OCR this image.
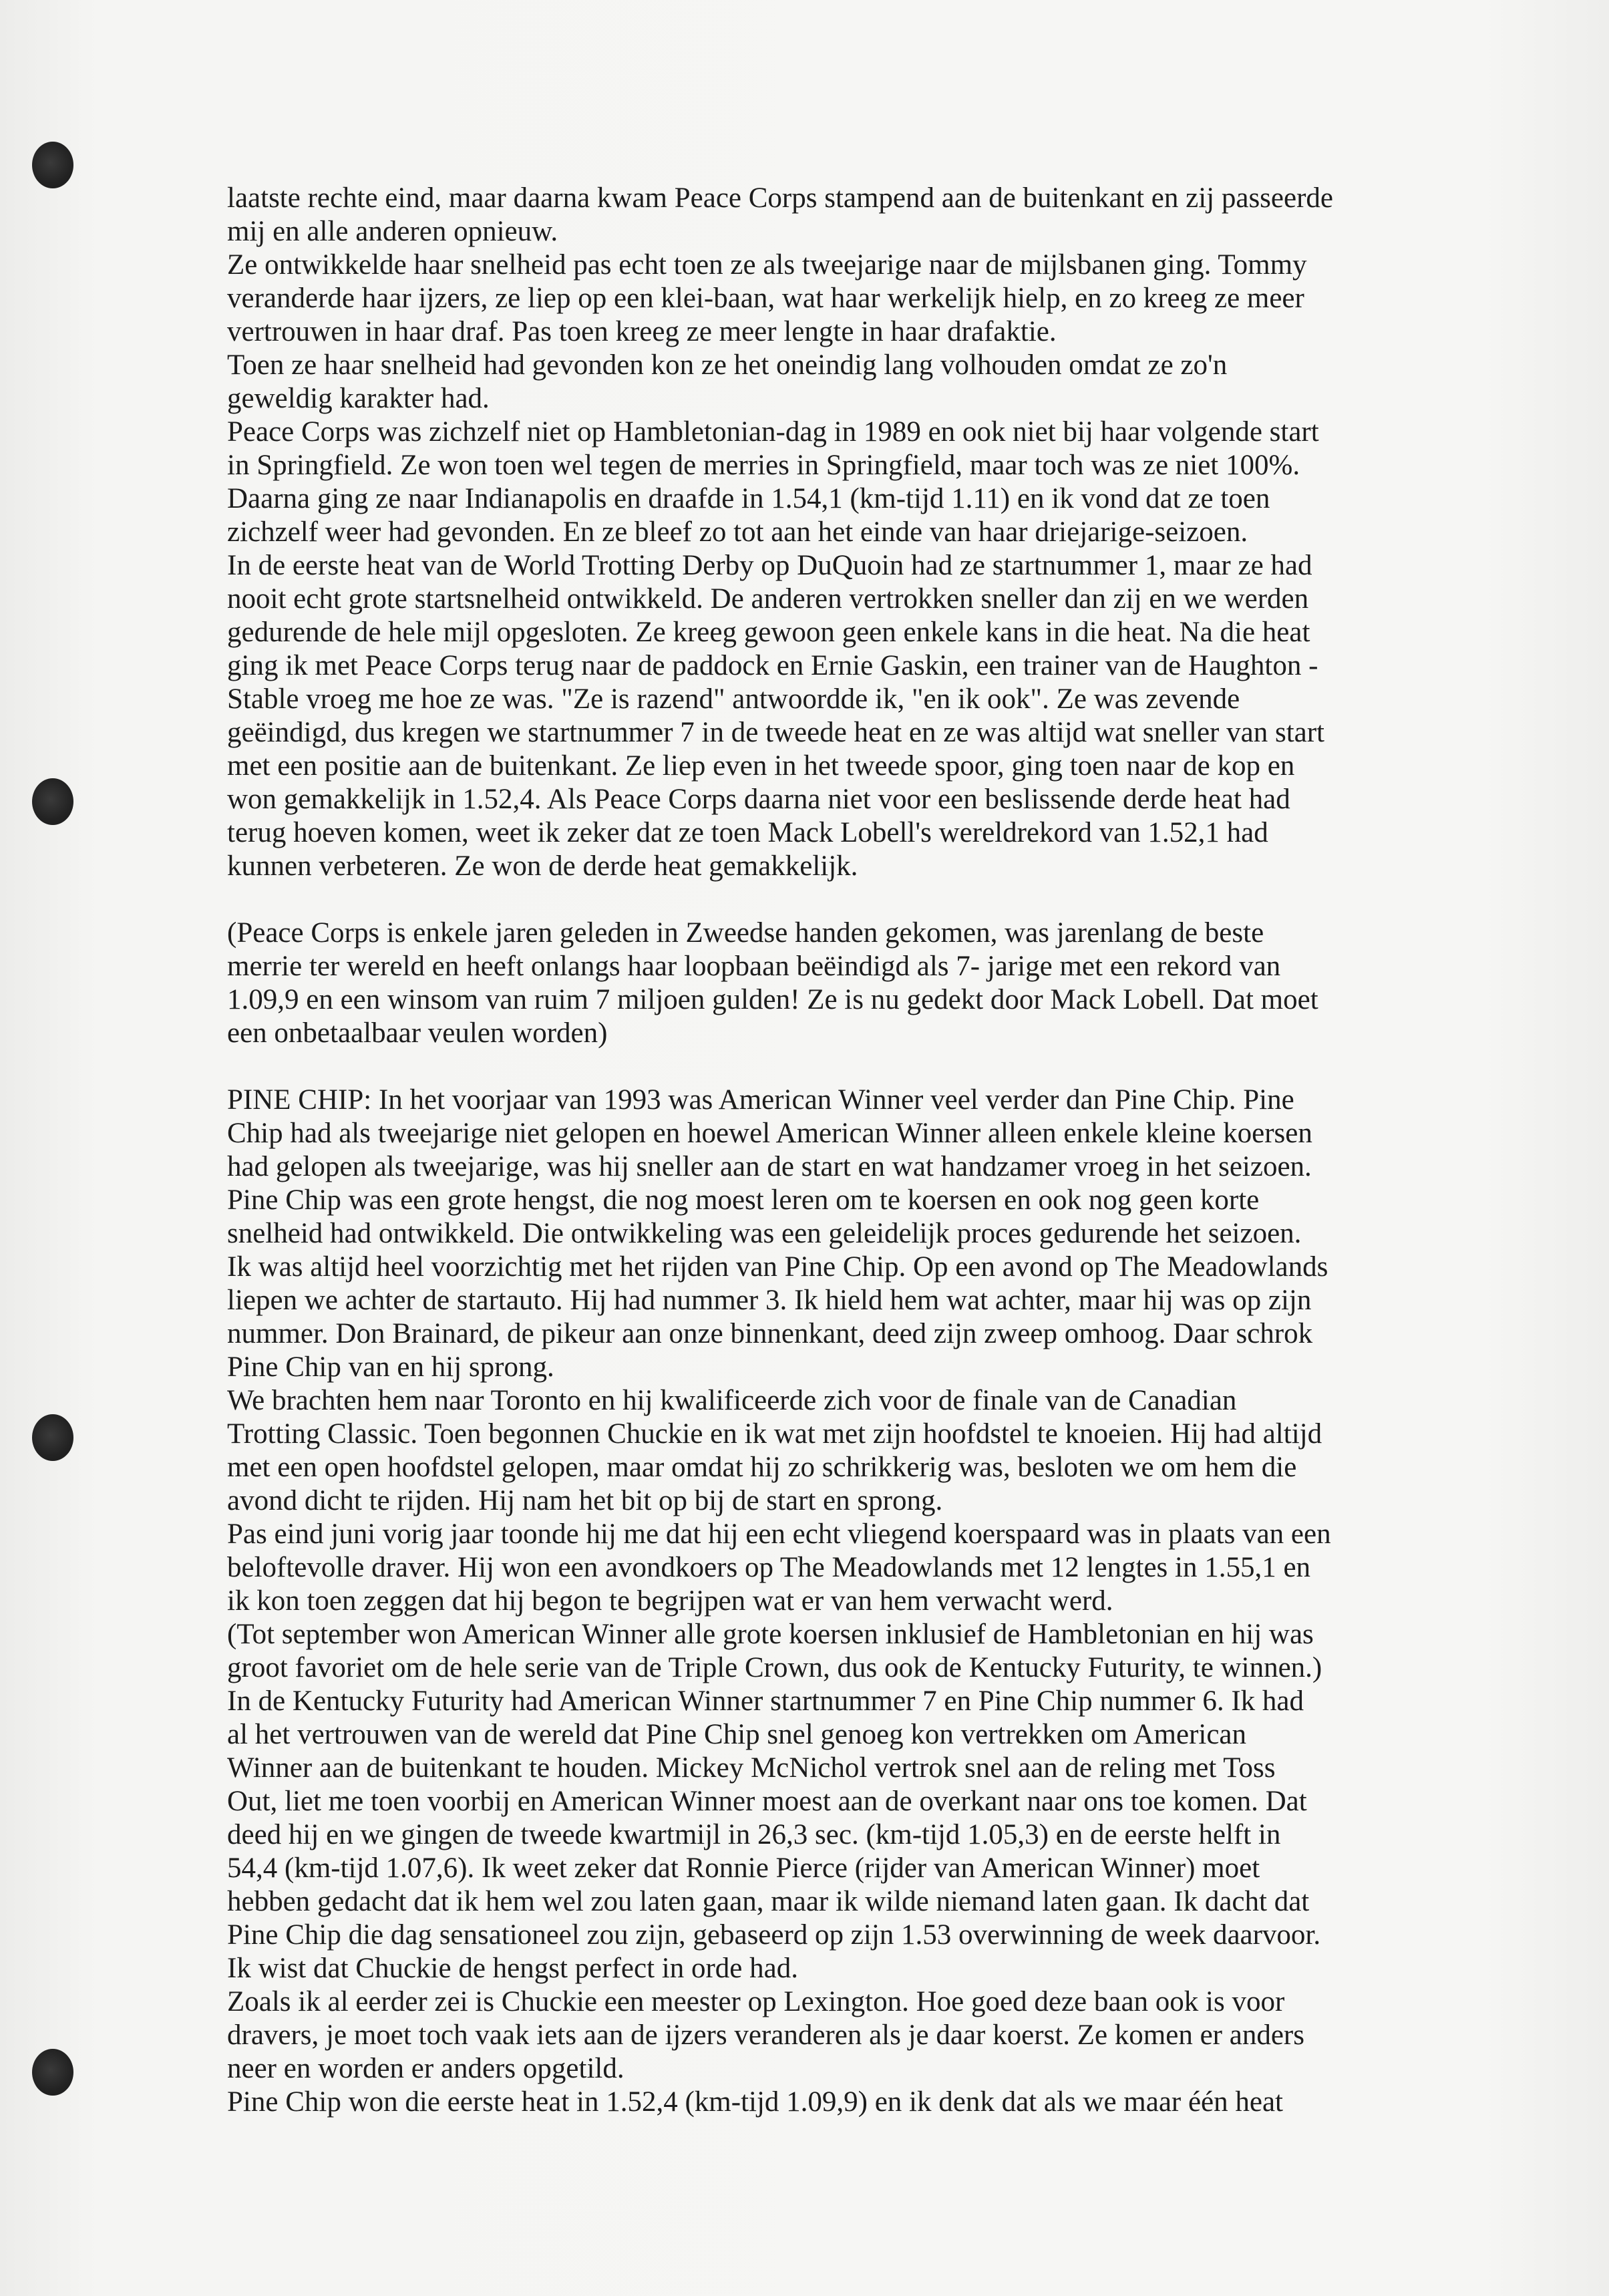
laatste rechte eind, maar daarna kwam Peace Corps stampend aan de buitenkant en zij passeerde
mij en alle anderen opnieuw.
Ze ontwikkelde haar snelheid pas echt toen ze als tweejarige naar de mijlsbanen ging. Tommy
veranderde haar ijzers, ze liep op een klei-baan, wat haar werkelijk hielp, en zo kreeg ze meer
vertrouwen in haar draf. Pas toen kreeg ze meer lengte in haar drafaktie.
Toen ze haar snelheid had gevonden kon ze het oneindig lang volhouden omdat ze zo'n
geweldig karakter had.
Peace Corps was zichzelf niet op Hambletonian-dag in 1989 en ook niet bij haar volgende start
in Springfield. Ze won toen wel tegen de merries in Springfield, maar toch was ze niet 100%.
Daarna ging ze naar Indianapolis en draafde in 1.54,1 (km-tijd 1.11) en ik vond dat ze toen
zichzelf weer had gevonden. En ze bleef zo tot aan het einde van haar driejarige-seizoen.
In de eerste heat van de World Trotting Derby op DuQuoin had ze startnummer 1, maar ze had
nooit echt grote startsnelheid ontwikkeld. De anderen vertrokken sneller dan zij en we werden
gedurende de hele mijl opgesloten. Ze kreeg gewoon geen enkele kans in die heat. Na die heat
ging ik met Peace Corps terug naar de paddock en Ernie Gaskin, een trainer van de Haughton -
Stable vroeg me hoe ze was. "Ze is razend" antwoordde ik, "en ik ook". Ze was zevende
geëindigd, dus kregen we startnummer 7 in de tweede heat en ze was altijd wat sneller van start
met een positie aan de buitenkant. Ze liep even in het tweede spoor, ging toen naar de kop en
won gemakkelijk in 1.52,4. Als Peace Corps daarna niet voor een beslissende derde heat had
terug hoeven komen, weet ik zeker dat ze toen Mack Lobell's wereldrekord van 1.52,1 had
kunnen verbeteren. Ze won de derde heat gemakkelijk.
(Peace Corps is enkele jaren geleden in Zweedse handen gekomen, was jarenlang de beste
merrie ter wereld en heeft onlangs haar loopbaan beëindigd als 7- jarige met een rekord van
1.09,9 en een winsom van ruim 7 miljoen gulden! Ze is nu gedekt door Mack Lobell. Dat moet
een onbetaalbaar veulen worden)
PINE CHIP: In het voorjaar van 1993 was American Winner veel verder dan Pine Chip. Pine
Chip had als tweejarige niet gelopen en hoewel American Winner alleen enkele kleine koersen
had gelopen als tweejarige, was hij sneller aan de start en wat handzamer vroeg in het seizoen.
Pine Chip was een grote hengst, die nog moest leren om te koersen en ook nog geen korte
snelheid had ontwikkeld. Die ontwikkeling was een geleidelijk proces gedurende het seizoen.
Ik was altijd heel voorzichtig met het rijden van Pine Chip. Op een avond op The Meadowlands
liepen we achter de startauto. Hij had nummer 3. Ik hield hem wat achter, maar hij was op zijn
nummer. Don Brainard, de pikeur aan onze binnenkant, deed zijn zweep omhoog. Daar schrok
Pine Chip van en hij sprong.
We brachten hem naar Toronto en hij kwalificeerde zich voor de finale van de Canadian
Trotting Classic. Toen begonnen Chuckie en ik wat met zijn hoofdstel te knoeien. Hij had altijd
met een open hoofdstel gelopen, maar omdat hij zo schrikkerig was, besloten we om hem die
avond dicht te rijden. Hij nam het bit op bij de start en sprong.
Pas eind juni vorig jaar toonde hij me dat hij een echt vliegend koerspaard was in plaats van een
beloftevolle draver. Hij won een avondkoers op The Meadowlands met 12 lengtes in 1.55,1 en
ik kon toen zeggen dat hij begon te begrijpen wat er van hem verwacht werd.
(Tot september won American Winner alle grote koersen inklusief de Hambletonian en hij was
groot favoriet om de hele serie van de Triple Crown, dus ook de Kentucky Futurity, te winnen.)
In de Kentucky Futurity had American Winner startnummer 7 en Pine Chip nummer 6. Ik had
al het vertrouwen van de wereld dat Pine Chip snel genoeg kon vertrekken om American
Winner aan de buitenkant te houden. Mickey McNichol vertrok snel aan de reling met Toss
Out, liet me toen voorbij en American Winner moest aan de overkant naar ons toe komen. Dat
deed hij en we gingen de tweede kwartmijl in 26,3 sec. (km-tijd 1.05,3) en de eerste helft in
54,4 (km-tijd 1.07,6). Ik weet zeker dat Ronnie Pierce (rijder van American Winner) moet
hebben gedacht dat ik hem wel zou laten gaan, maar ik wilde niemand laten gaan. Ik dacht dat
Pine Chip die dag sensationeel zou zijn, gebaseerd op zijn 1.53 overwinning de week daarvoor.
Ik wist dat Chuckie de hengst perfect in orde had.
Zoals ik al eerder zei is Chuckie een meester op Lexington. Hoe goed deze baan ook is voor
dravers, je moet toch vaak iets aan de ijzers veranderen als je daar koerst. Ze komen er anders
neer en worden er anders opgetild.
Pine Chip won die eerste heat in 1.52,4 (km-tijd 1.09,9) en ik denk dat als we maar één heat
